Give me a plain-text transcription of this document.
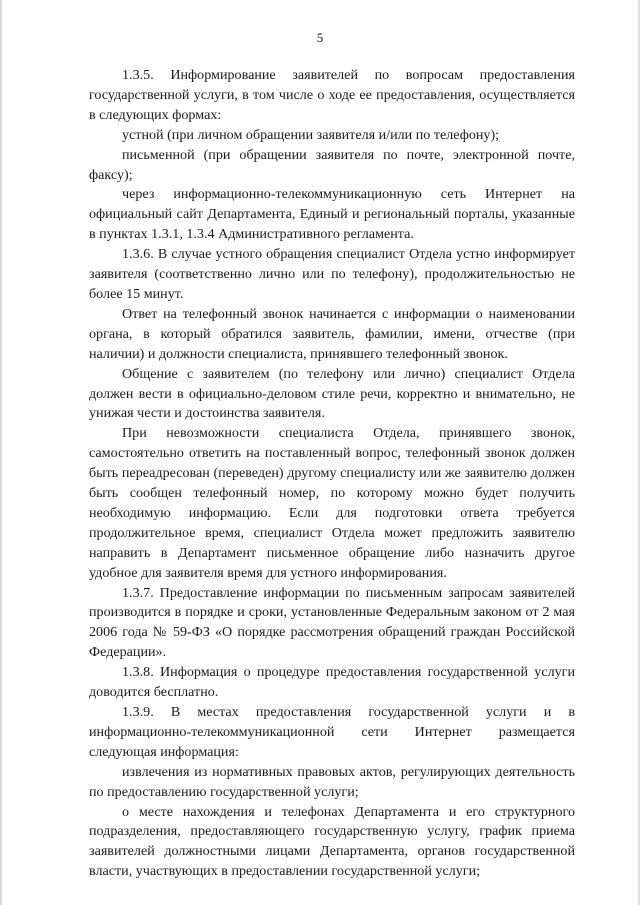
5

1.3.5. Информирование заявителей по вопросам предоставления государственной услуги, в том числе о ходе ее предоставления, осуществляется в следующих формах:

устной (при личном обращении заявителя и/или по телефону);

письменной (при обращении заявителя по почте, электронной почте, факсу);

через информационно-телекоммуникационную сеть Интернет на официальный сайт Департамента, Единый и региональный порталы, указанные в пунктах 1.3.1, 1.3.4 Административного регламента.

1.3.6. В случае устного обращения специалист Отдела устно информирует заявителя (соответственно лично или по телефону), продолжительностью не более 15 минут.

Ответ на телефонный звонок начинается с информации о наименовании органа, в который обратился заявитель, фамилии, имени, отчестве (при наличии) и должности специалиста, принявшего телефонный звонок.

Общение с заявителем (по телефону или лично) специалист Отдела должен вести в официально-деловом стиле речи, корректно и внимательно, не унижая чести и достоинства заявителя.

При невозможности специалиста Отдела, принявшего звонок, самостоятельно ответить на поставленный вопрос, телефонный звонок должен быть переадресован (переведен) другому специалисту или же заявителю должен быть сообщен телефонный номер, по которому можно будет получить необходимую информацию. Если для подготовки ответа требуется продолжительное время, специалист Отдела может предложить заявителю направить в Департамент письменное обращение либо назначить другое удобное для заявителя время для устного информирования.

1.3.7. Предоставление информации по письменным запросам заявителей производится в порядке и сроки, установленные Федеральным законом от 2 мая 2006 года № 59-ФЗ «О порядке рассмотрения обращений граждан Российской Федерации».

1.3.8. Информация о процедуре предоставления государственной услуги доводится бесплатно.

1.3.9. В местах предоставления государственной услуги и в информационно-телекоммуникационной сети Интернет размещается следующая информация:

извлечения из нормативных правовых актов, регулирующих деятельность по предоставлению государственной услуги;

о месте нахождения и телефонах Департамента и его структурного подразделения, предоставляющего государственную услугу, график приема заявителей должностными лицами Департамента, органов государственной власти, участвующих в предоставлении государственной услуги;
